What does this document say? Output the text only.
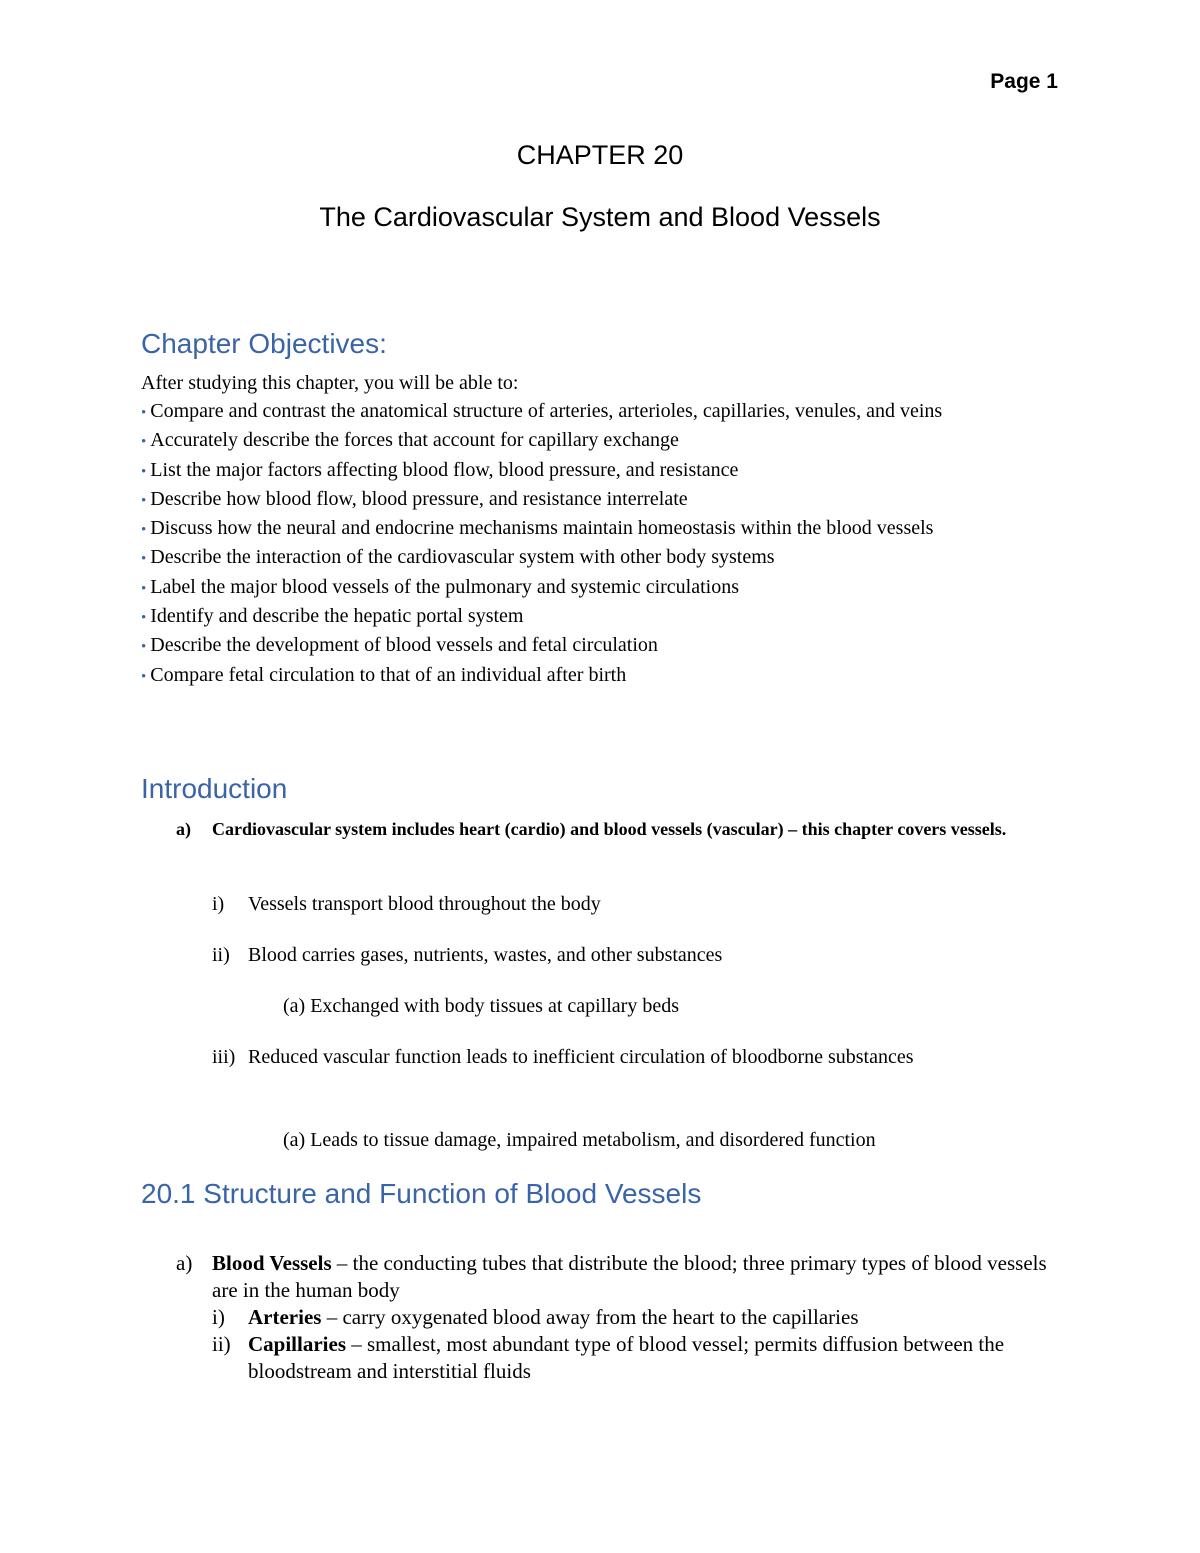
Page 1
CHAPTER 20
The Cardiovascular System and Blood Vessels
Chapter Objectives:
After studying this chapter, you will be able to:
• Compare and contrast the anatomical structure of arteries, arterioles, capillaries, venules, and veins
• Accurately describe the forces that account for capillary exchange
• List the major factors affecting blood flow, blood pressure, and resistance
• Describe how blood flow, blood pressure, and resistance interrelate
• Discuss how the neural and endocrine mechanisms maintain homeostasis within the blood vessels
• Describe the interaction of the cardiovascular system with other body systems
• Label the major blood vessels of the pulmonary and systemic circulations
• Identify and describe the hepatic portal system
• Describe the development of blood vessels and fetal circulation
• Compare fetal circulation to that of an individual after birth
Introduction
a)	Cardiovascular system includes heart (cardio) and blood vessels (vascular) – this chapter covers vessels.
i)	Vessels transport blood throughout the body
ii) Blood carries gases, nutrients, wastes, and other substances
(a) Exchanged with body tissues at capillary beds
iii) Reduced vascular function leads to inefficient circulation of bloodborne substances
(a) Leads to tissue damage, impaired metabolism, and disordered function
20.1 Structure and Function of Blood Vessels
a) Blood Vessels – the conducting tubes that distribute the blood; three primary types of blood vessels are in the human body
i)	Arteries – carry oxygenated blood away from the heart to the capillaries
ii) Capillaries – smallest, most abundant type of blood vessel; permits diffusion between the bloodstream and interstitial fluids
